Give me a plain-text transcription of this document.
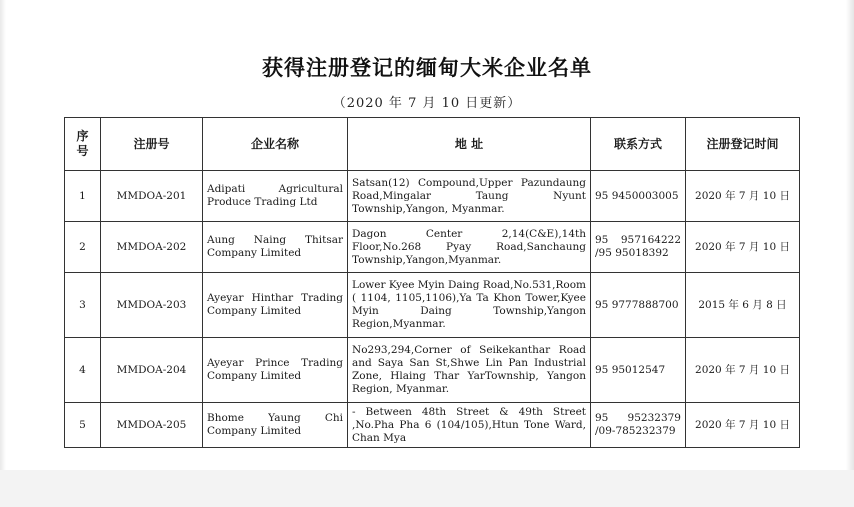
获得注册登记的缅甸大米企业名单
（2020 年 7 月 10 日更新）
序
号	注册号	企业名称	地 址	联系方式	注册登记时间
1	MMDOA-201	Adipati Agricultural Produce Trading Ltd	Satsan(12) Compound,Upper Pazundaung Road,Mingalar Taung Nyunt Township,Yangon, Myanmar.	95 9450003005	2020 年 7 月 10 日
2	MMDOA-202	Aung Naing Thitsar Company Limited	Dagon Center 2,14(C&E),14th Floor,No.268 Pyay Road,Sanchaung Township,Yangon,Myanmar.	95 957164222 /95 95018392	2020 年 7 月 10 日
3	MMDOA-203	Ayeyar Hinthar Trading Company Limited	Lower Kyee Myin Daing Road,No.531,Room ( 1104, 1105,1106),Ya Ta Khon Tower,Kyee Myin Daing Township,Yangon Region,Myanmar.	95 9777888700	2015 年 6 月 8 日
4	MMDOA-204	Ayeyar Prince Trading Company Limited	No293,294,Corner of Seikekanthar Road and Saya San St,Shwe Lin Pan Industrial Zone, Hlaing Thar YarTownship, Yangon Region, Myanmar.	95 95012547	2020 年 7 月 10 日
5	MMDOA-205	Bhome Yaung Chi Company Limited	- Between 48th Street & 49th Street ,No.Pha Pha 6 (104/105),Htun Tone Ward, Chan Mya	95 95232379 /09-785232379	2020 年 7 月 10 日
